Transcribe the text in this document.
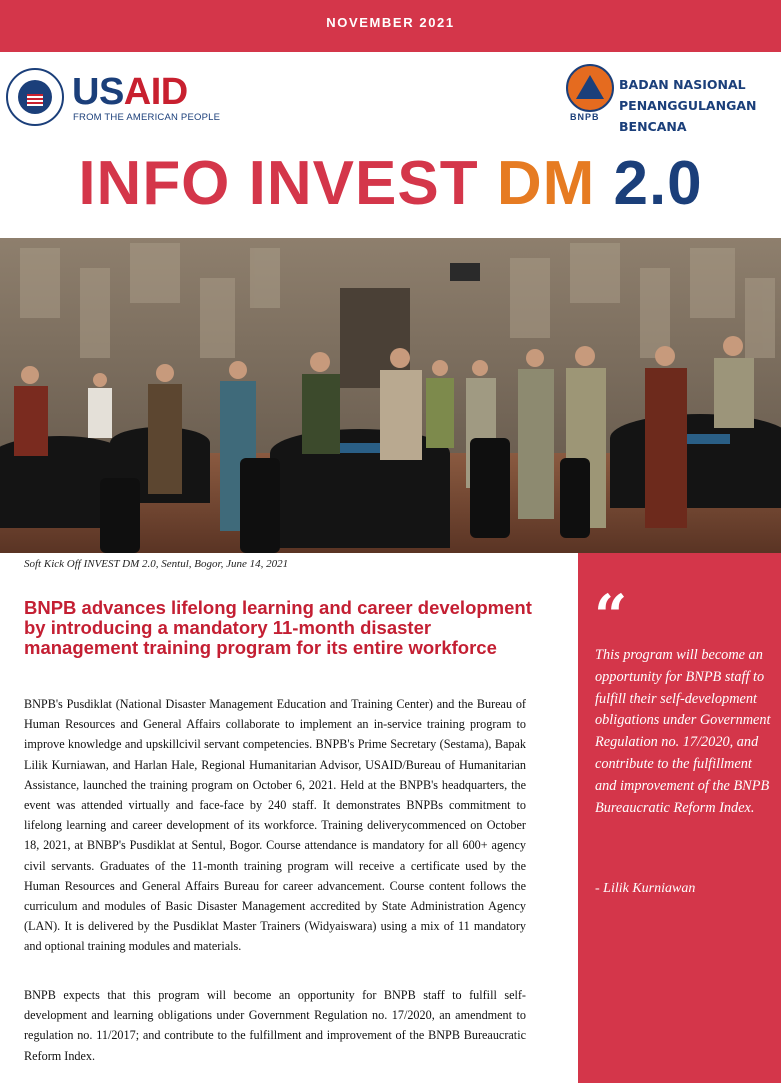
NOVEMBER 2021
USAID
FROM THE AMERICAN PEOPLE	BNPB
BADAN NASIONAL
PENANGGULANGAN BENCANA
INFO INVEST DM 2.0
Soft Kick Off INVEST DM 2.0, Sentul, Bogor, June 14, 2021
BNPB advances lifelong learning and career development by introducing a mandatory 11-month disaster management training program for its entire workforce
BNPB's Pusdiklat (National Disaster Management Education and Training Center) and the Bureau of Human Resources and General Affairs collaborate to implement an in-service training program to improve knowledge and upskillcivil servant competencies. BNPB's Prime Secretary (Sestama), Bapak Lilik Kurniawan, and Harlan Hale, Regional Humanitarian Advisor, USAID/Bureau of Humanitarian Assistance, launched the training program on October 6, 2021. Held at the BNPB's headquarters, the event was attended virtually and face-face by 240 staff. It demonstrates BNPBs commitment to lifelong learning and career development of its workforce. Training deliverycommenced on October 18, 2021, at BNBP's Pusdiklat at Sentul, Bogor. Course attendance is mandatory for all 600+ agency civil servants. Graduates of the 11-month training program will receive a certificate used by the Human Resources and General Affairs Bureau for career advancement. Course content follows the curriculum and modules of Basic Disaster Management accredited by State Administration Agency (LAN). It is delivered by the Pusdiklat Master Trainers (Widyaiswara) using a mix of 11 mandatory and optional training modules and materials.
BNPB expects that this program will become an opportunity for BNPB staff to fulfill self-development and learning obligations under Government Regulation no. 17/2020, an amendment to regulation no. 11/2017; and contribute to the fulfillment and improvement of the BNPB Bureaucratic Reform Index.
“
This program will become an opportunity for BNPB staff to fulfill their self-development obligations under Government Regulation no. 17/2020, and contribute to the fulfillment and improvement of the BNPB Bureaucratic Reform Index.
- Lilik Kurniawan
